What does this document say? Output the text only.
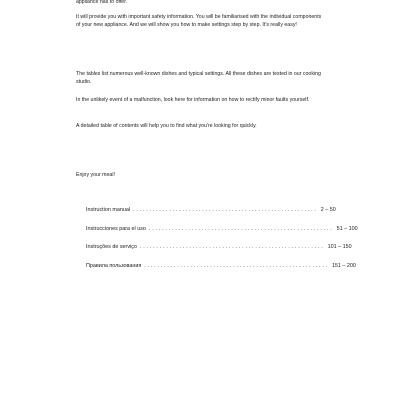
appliance has to offer.
It will provide you with important safety information. You will be familiarised with the individual components of your new appliance. And we will show you how to make settings step by step. It's really easy!
The tables list numerous well-known dishes and typical settings. All these dishes are tested in our cooking studio.
In the unlikely event of a malfunction, look here for information on how to rectify minor faults yourself.
A detailed table of contents will help you to find what you're looking for quickly.
Enjoy your meal!
Instruction manual ........................................................ 2 – 50
Instrucciones para el uso ........................................................ 51 – 100
Instruções de serviço ........................................................ 101 – 150
Правила пользования ........................................................ 151 – 200
